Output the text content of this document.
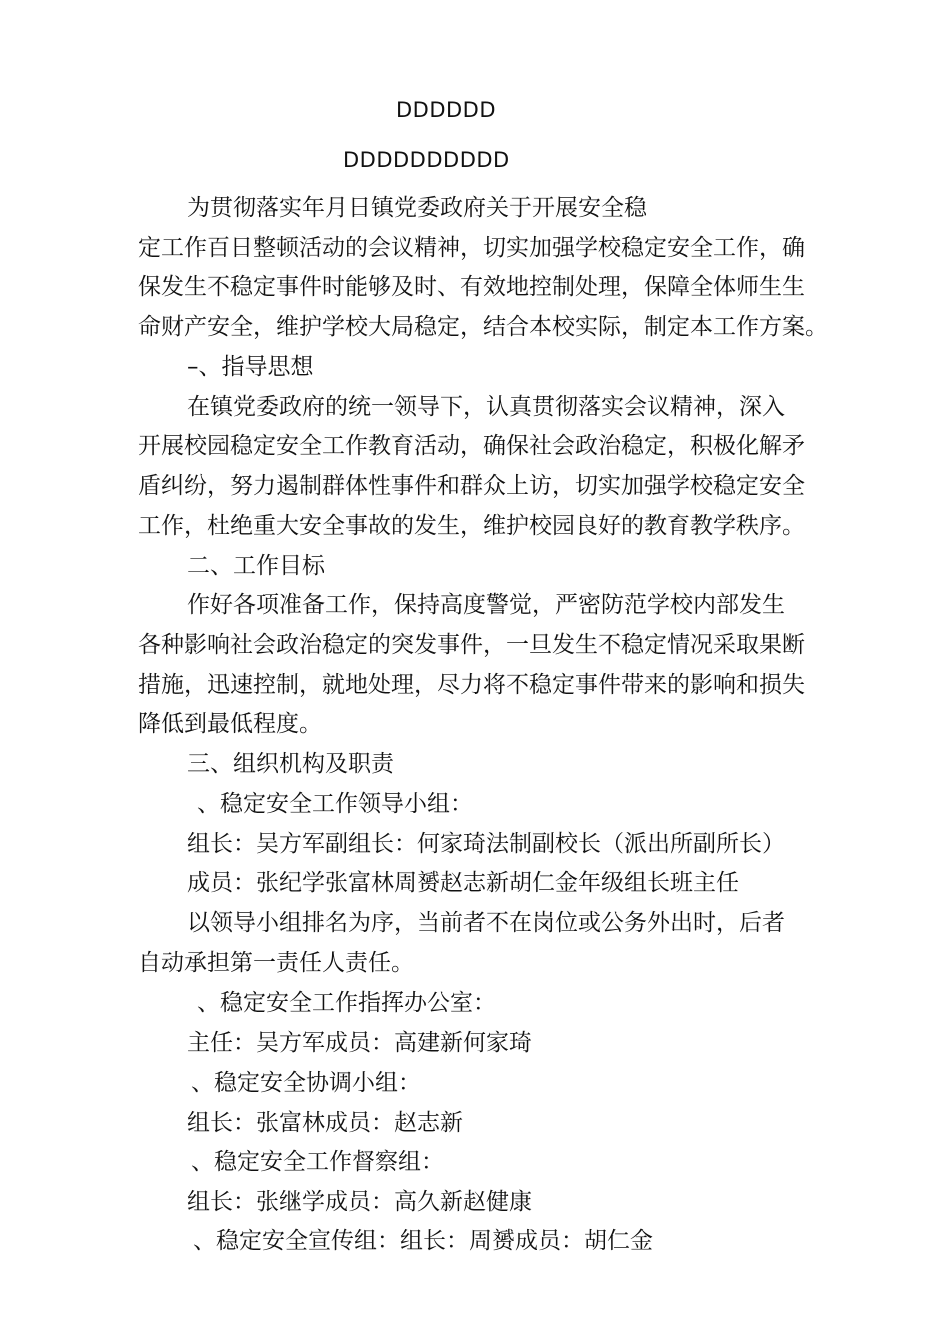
DDDDDD
DDDDDDDDDD
为贯彻落实年月日镇党委政府关于开展安全稳
定工作百日整顿活动的会议精神，切实加强学校稳定安全工作，确
保发生不稳定事件时能够及时、有效地控制处理，保障全体师生生
命财产安全，维护学校大局稳定，结合本校实际，制定本工作方案。
–、指导思想
在镇党委政府的统一领导下，认真贯彻落实会议精神，深入
开展校园稳定安全工作教育活动，确保社会政治稳定，积极化解矛
盾纠纷，努力遏制群体性事件和群众上访，切实加强学校稳定安全
工作，杜绝重大安全事故的发生，维护校园良好的教育教学秩序。
二、工作目标
作好各项准备工作，保持高度警觉，严密防范学校内部发生
各种影响社会政治稳定的突发事件，一旦发生不稳定情况采取果断
措施，迅速控制，就地处理，尽力将不稳定事件带来的影响和损失
降低到最低程度。
三、组织机构及职责
、稳定安全工作领导小组：
组长：吴方军副组长：何家琦法制副校长（派出所副所长）
成员：张纪学张富林周赟赵志新胡仁金年级组长班主任
以领导小组排名为序，当前者不在岗位或公务外出时，后者
自动承担第一责任人责任。
、稳定安全工作指挥办公室：
主任：吴方军成员：高建新何家琦
、稳定安全协调小组：
组长：张富林成员：赵志新
、稳定安全工作督察组：
组长：张继学成员：高久新赵健康
、稳定安全宣传组：组长：周赟成员：胡仁金
